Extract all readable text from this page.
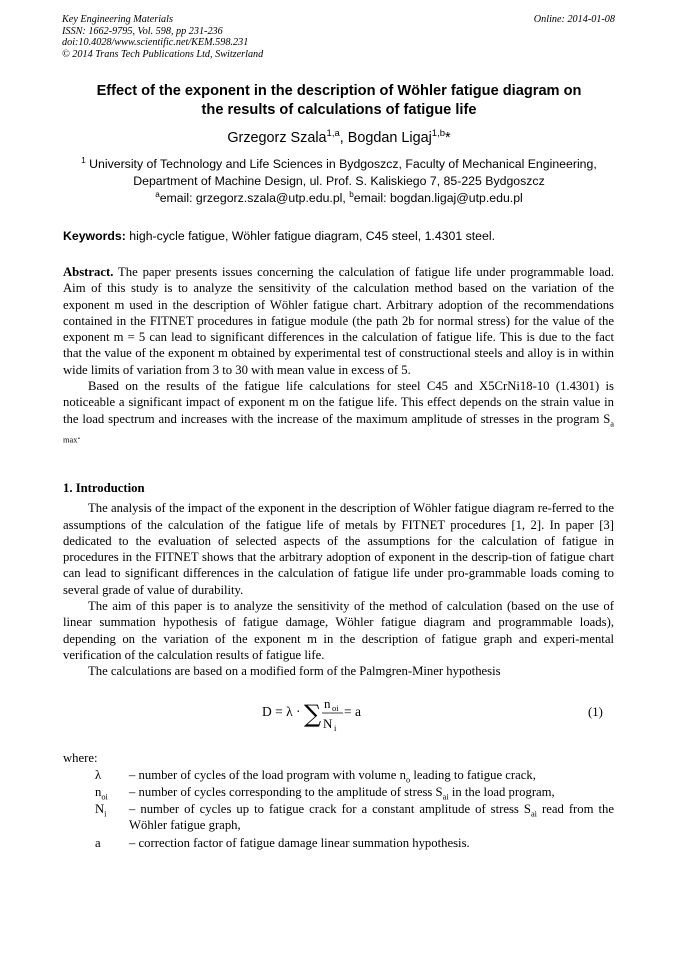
Key Engineering Materials
ISSN: 1662-9795, Vol. 598, pp 231-236
doi:10.4028/www.scientific.net/KEM.598.231
© 2014 Trans Tech Publications Ltd, Switzerland
Online: 2014-01-08
Effect of the exponent in the description of Wöhler fatigue diagram on
the results of calculations of fatigue life
Grzegorz Szala$^{1,a}$, Bogdan Ligaj$^{1,b}$*
$^1$ University of Technology and Life Sciences in Bydgoszcz, Faculty of Mechanical Engineering,
Department of Machine Design, ul. Prof. S. Kaliskiego 7, 85-225 Bydgoszcz
$^a$email: grzegorz.szala@utp.edu.pl, $^b$email: bogdan.ligaj@utp.edu.pl
Keywords: high-cycle fatigue, Wöhler fatigue diagram, C45 steel, 1.4301 steel.

Abstract. The paper presents issues concerning the calculation of fatigue life under programmable load. Aim of this study is to analyze the sensitivity of the calculation method based on the variation of the exponent m used in the description of Wöhler fatigue chart. Arbitrary adoption of the recommendations contained in the FITNET procedures in fatigue module (the path 2b for normal stress) for the value of the exponent m = 5 can lead to significant differences in the calculation of fatigue life. This is due to the fact that the value of the exponent m obtained by experimental test of constructional steels and alloy is in within wide limits of variation from 3 to 30 with mean value in excess of 5.

Based on the results of the fatigue life calculations for steel C45 and X5CrNi18-10 (1.4301) is noticeable a significant impact of exponent m on the fatigue life. This effect depends on the strain value in the load spectrum and increases with the increase of the maximum amplitude of stresses in the program $S_{a max}$.

1. Introduction

The analysis of the impact of the exponent in the description of Wöhler fatigue diagram re-ferred to the assumptions of the calculation of the fatigue life of metals by FITNET procedures [1, 2]. In paper [3] dedicated to the evaluation of selected aspects of the assumptions for the calculation of fatigue in procedures in the FITNET shows that the arbitrary adoption of exponent in the descrip-tion of fatigue chart can lead to significant differences in the calculation of fatigue life under pro-grammable loads coming to several grade of value of durability.

The aim of this paper is to analyze the sensitivity of the method of calculation (based on the use of linear summation hypothesis of fatigue damage, Wöhler fatigue diagram and programmable loads), depending on the variation of the exponent m in the description of fatigue graph and experi-mental verification of the calculation results of fatigue life.

The calculations are based on a modified form of the Palmgren-Miner hypothesis

D = λ · ∑ n oi
N i
= a	(1)
where:
λ – number of cycles of the load program with volume $n_o$ leading to fatigue crack,
$n_{oi}$ – number of cycles corresponding to the amplitude of stress $S_{ai}$ in the load program,
$N_i$ – number of cycles up to fatigue crack for a constant amplitude of stress $S_{ai}$ read from the Wöhler fatigue graph,
a – correction factor of fatigue damage linear summation hypothesis.
